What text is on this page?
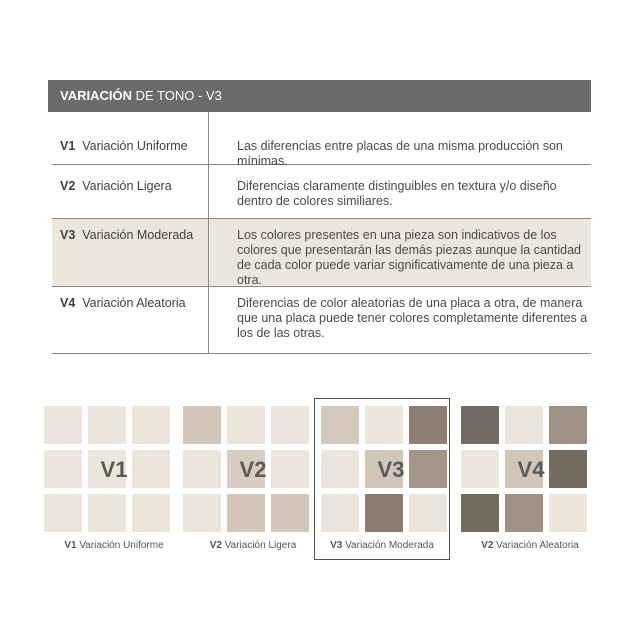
VARIACIÓN DE TONO - V3
V1 Variación Uniforme	Las diferencias entre placas de una misma producción son mínimas.
V2 Variación Ligera	Diferencias claramente distinguibles en textura y/o diseño dentro de colores similiares.
V3 Variación Moderada	Los colores presentes en una pieza son indicativos de los colores que presentarán las demás piezas aunque la cantidad de cada color puede variar significativamente de una pieza a otra.
V4 Variación Aleatoria	Diferencias de color aleatorias de una placa a otra, de manera que una placa puede tener colores completamente diferentes a los de las otras.
V1	V2	V3	V4
V1 Variación Uniforme	V2 Variación Ligera	V3 Variación Moderada	V2 Variación Aleatoria
